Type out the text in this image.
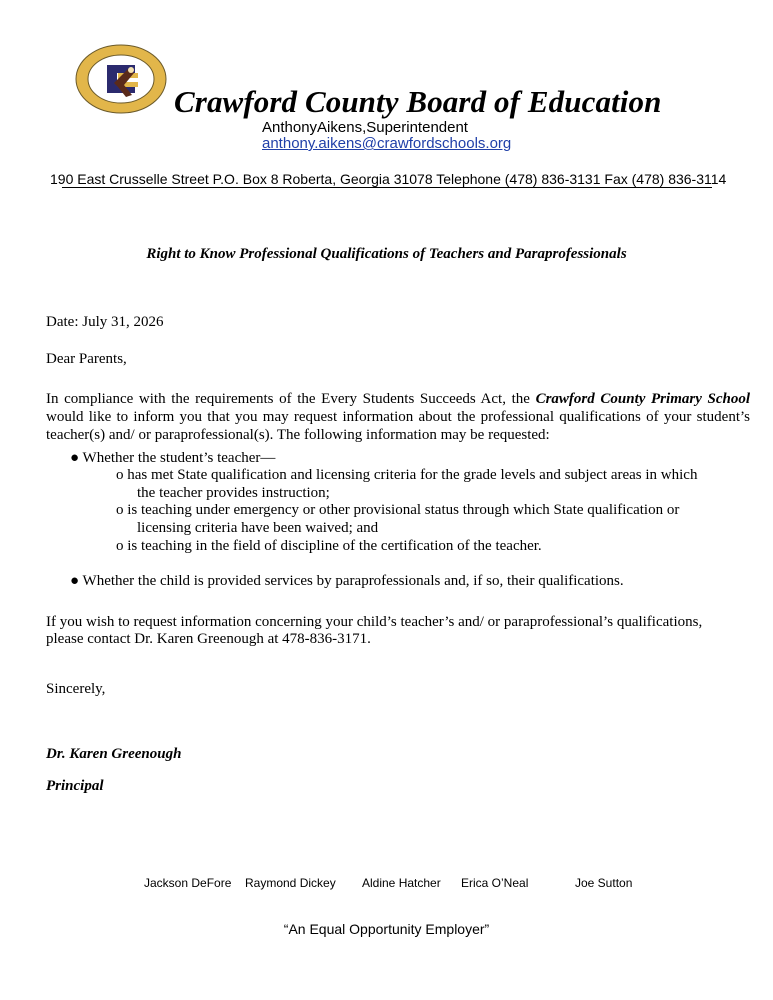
Crawford County Board of Education
AnthonyAikens,Superintendent
anthony.aikens@crawfordschools.org
190 East Crusselle Street P.O. Box 8 Roberta, Georgia 31078 Telephone (478) 836-3131 Fax (478) 836-3114
Right to Know Professional Qualifications of Teachers and Paraprofessionals
Date: July 31, 2026
Dear Parents,
In compliance with the requirements of the Every Students Succeeds Act, the Crawford County Primary School
would like to inform you that you may request information about the professional qualifications of your student’s
teacher(s) and/ or paraprofessional(s). The following information may be requested:
● Whether the student’s teacher—
o has met State qualification and licensing criteria for the grade levels and subject areas in which
the teacher provides instruction;
o is teaching under emergency or other provisional status through which State qualification or
licensing criteria have been waived; and
o is teaching in the field of discipline of the certification of the teacher.
● Whether the child is provided services by paraprofessionals and, if so, their qualifications.
If you wish to request information concerning your child’s teacher’s and/ or paraprofessional’s qualifications,
please contact Dr. Karen Greenough at 478-836-3171.
Sincerely,
Dr. Karen Greenough
Principal
Jackson DeFore Raymond Dickey Aldine Hatcher Erica O’Neal	Joe Sutton
“An Equal Opportunity Employer”
